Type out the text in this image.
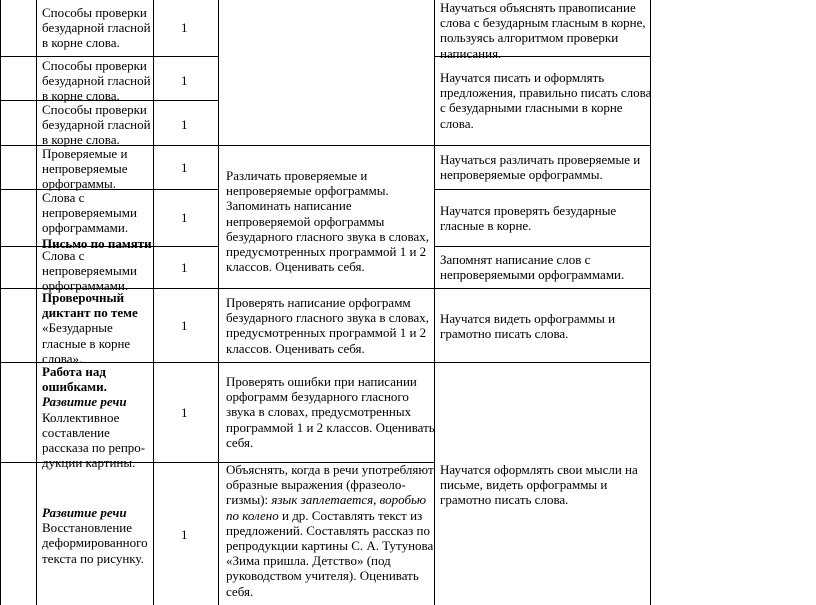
Способы проверки
безударной гласной
в корне слова.
1
Научаться объяснять правописание
слова с безударным гласным в корне,
пользуясь алгоритмом проверки
написания.
Способы проверки
безударной гласной
в корне слова.
1	Научатся писать и оформлять
предложения, правильно писать слова
с безударными гласными в корне
слова.
Способы проверки
безударной гласной
в корне слова.
1
Проверяемые и
непроверяемые
орфограммы.
1
Научаться различать проверяемые и
непроверяемые орфограммы.
Различать проверяемые и
непроверяемые орфограммы.
Запоминать написание
непроверяемой орфограммы
безударного гласного звука в словах,
предусмотренных программой 1 и 2
классов. Оценивать себя.
Слова с
непроверяемыми
орфограммами.
Письмо по памяти
1	Научатся проверять безударные
гласные в корне.
Слова с
непроверяемыми
орфограммами.
1
Запомнят написание слов с
непроверяемыми орфограммами.
Проверочный
диктант по теме
«Безударные
гласные в корне
слова».
1
Проверять написание орфограмм
безударного гласного звука в словах,
предусмотренных программой 1 и 2
классов. Оценивать себя.
Научатся видеть орфограммы и
грамотно писать слова.
Работа над
ошибками.
Развитие речи
Коллективное
составление
рассказа по репро-
дукции картины.
1
Проверять ошибки при написании
орфограмм безударного гласного
звука в словах, предусмотренных
программой 1 и 2 классов. Оценивать
себя.
Научатся оформлять свои мысли на
письме, видеть орфограммы и
грамотно писать слова.
Развитие речи
Восстановление
деформированного
текста по рисунку.
1
Объяснять, когда в речи употребляют
образные выражения (фразеоло-
гизмы): язык заплетается, воробью
по колено и др. Составлять текст из
предложений. Составлять рассказ по
репродукции картины С. А. Тутунова
«Зима пришла. Детство» (под
руководством учителя). Оценивать
себя.
